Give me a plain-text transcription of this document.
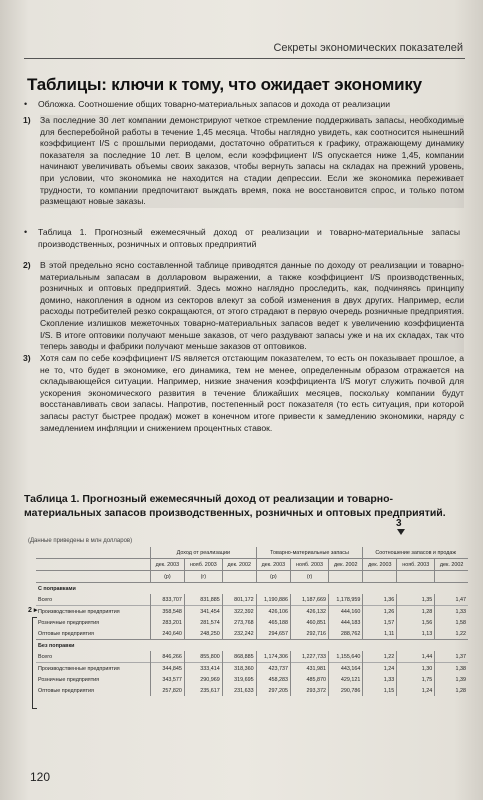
Секреты экономических показателей
Таблицы: ключи к тому, что ожидает экономику
•	Обложка. Соотношение общих товарно-материальных запасов и дохода от реализации
1) За последние 30 лет компании демонстрируют четкое стремление поддерживать запасы, необходимые для бесперебойной работы в течение 1,45 месяца. Чтобы наглядно увидеть, как соотносится нынешний коэффициент I/S с прошлыми периодами, достаточно обратиться к графику, отражающему динамику показателя за последние 10 лет. В целом, если коэффициент I/S опускается ниже 1,45, компании начинают увеличивать объемы своих заказов, чтобы вернуть запасы на складах на прежний уровень, при условии, что экономика не находится на стадии депрессии. Если же экономика переживает трудности, то компании предпочитают выждать время, пока не восстановится спрос, и только потом размещают новые заказы.
•	Таблица 1. Прогнозный ежемесячный доход от реализации и товарно-материальные запасы производственных, розничных и оптовых предприятий
2) В этой предельно ясно составленной таблице приводятся данные по доходу от реализации и товарно-материальным запасам в долларовом выражении, а также коэффициент I/S производственных, розничных и оптовых предприятий. Здесь можно наглядно проследить, как, подчиняясь принципу домино, накопления в одном из секторов влекут за собой изменения в двух других. Например, если расходы потребителей резко сокращаются, от этого страдают в первую очередь розничные предприятия. Скопление излишков межеточных товарно-материальных запасов ведет к увеличению коэффициента I/S. В итоге оптовики получают меньше заказов, от чего раздувают запасы уже и на их складах, так что теперь заводы и фабрики получают меньше заказов от оптовиков.
3) Хотя сам по себе коэффициент I/S является отстающим показателем, то есть он показывает прошлое, а не то, что будет в экономике, его динамика, тем не менее, определенным образом отражается на складывающейся ситуации. Например, низкие значения коэффициента I/S могут служить почвой для ускорения экономического развития в течение ближайших месяцев, поскольку компании будут восстанавливать свои запасы. Напротив, постепенный рост показателя (то есть ситуация, при которой запасы растут быстрее продаж) может в конечном итоге привести к замедлению экономики, наряду с замедлением инфляции и снижением процентных ставок.
Таблица 1. Прогнозный ежемесячный доход от реализации и товарно-материальных запасов производственных, розничных и оптовых предприятий.
3
(Данные приведены в млн долларов)
	Доход от реализации			Товарно-материальные запасы			Соотношение запасов и продаж		
	дек. 2003	нояб. 2003	дек. 2002	дек. 2003	нояб. 2003	дек. 2002	дек. 2003	нояб. 2003	дек. 2002
	(p)	(r)		(p)	(r)				
С поправками									
Всего	833,707	831,885	801,172	1,190,886	1,187,669	1,178,959	1,36	1,35	1,47
Производственные предприятия	358,548	341,454	322,392	426,106	426,132	444,160	1,26	1,28	1,33
Розничные предприятия	283,201	281,574	273,768	465,188	460,851	444,183	1,57	1,56	1,58
Оптовые предприятия	240,640	248,250	232,242	294,657	292,716	288,762	1,11	1,13	1,22
Без поправки									
Всего	846,266	855,800	868,885	1,174,306	1,227,733	1,155,640	1,22	1,44	1,37
Производственные предприятия	344,845	333,414	318,360	423,737	431,981	443,164	1,24	1,30	1,38
Розничные предприятия	343,577	290,969	319,695	458,283	485,870	429,121	1,33	1,75	1,39
Оптовые предприятия	257,820	235,617	231,633	297,205	293,372	290,786	1,15	1,24	1,28
2 ▸
120
